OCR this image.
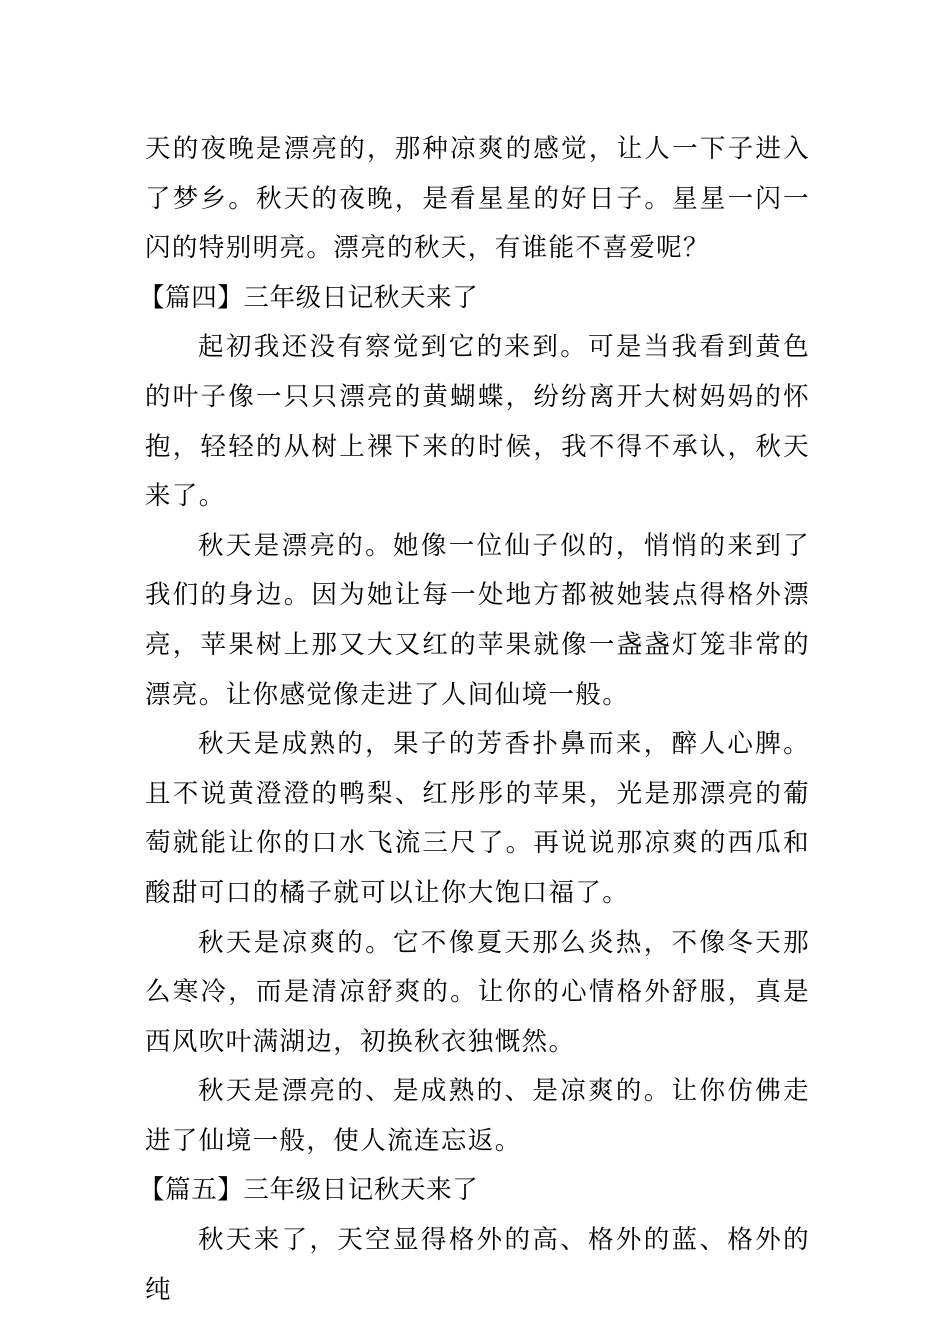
天的夜晚是漂亮的，那种凉爽的感觉，让人一下子进入了梦乡。秋天的夜晚，是看星星的好日子。星星一闪一闪的特别明亮。漂亮的秋天，有谁能不喜爱呢？

【篇四】三年级日记秋天来了

起初我还没有察觉到它的来到。可是当我看到黄色的叶子像一只只漂亮的黄蝴蝶，纷纷离开大树妈妈的怀抱，轻轻的从树上裸下来的时候，我不得不承认，秋天来了。

秋天是漂亮的。她像一位仙子似的，悄悄的来到了我们的身边。因为她让每一处地方都被她装点得格外漂亮，苹果树上那又大又红的苹果就像一盏盏灯笼非常的漂亮。让你感觉像走进了人间仙境一般。

秋天是成熟的，果子的芳香扑鼻而来，醉人心脾。且不说黄澄澄的鸭梨、红彤彤的苹果，光是那漂亮的葡萄就能让你的口水飞流三尺了。再说说那凉爽的西瓜和酸甜可口的橘子就可以让你大饱口福了。

秋天是凉爽的。它不像夏天那么炎热，不像冬天那么寒冷，而是清凉舒爽的。让你的心情格外舒服，真是西风吹叶满湖边，初换秋衣独慨然。

秋天是漂亮的、是成熟的、是凉爽的。让你仿佛走进了仙境一般，使人流连忘返。

【篇五】三年级日记秋天来了

秋天来了，天空显得格外的高、格外的蓝、格外的纯
